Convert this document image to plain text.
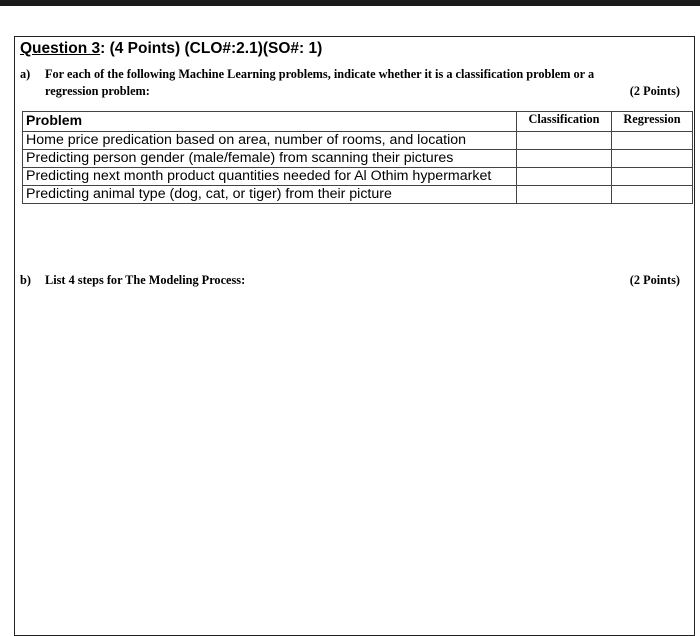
Question 3: (4 Points) (CLO#:2.1)(SO#: 1)
a) For each of the following Machine Learning problems, indicate whether it is a classification problem or a
regression problem:	(2 Points)
Problem	Classification	Regression
Home price predication based on area, number of rooms, and location		
Predicting person gender (male/female) from scanning their pictures		
Predicting next month product quantities needed for Al Othim hypermarket		
Predicting animal type (dog, cat, or tiger) from their picture		
b) List 4 steps for The Modeling Process:	(2 Points)
